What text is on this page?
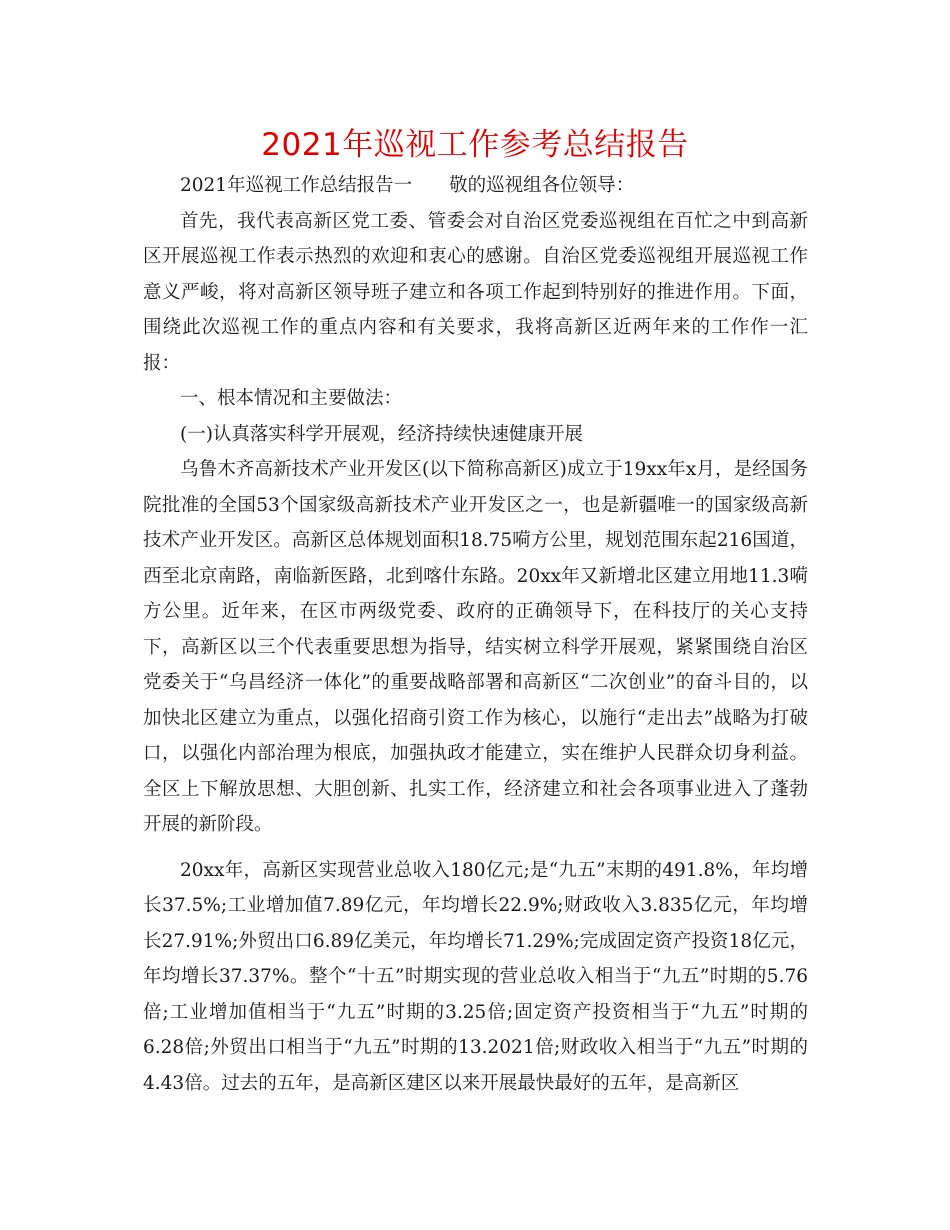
2021年巡视工作参考总结报告

2021年巡视工作总结报告一　　敬的巡视组各位领导：

首先，我代表高新区党工委、管委会对自治区党委巡视组在百忙之中到高新区开展巡视工作表示热烈的欢迎和衷心的感谢。自治区党委巡视组开展巡视工作意义严峻，将对高新区领导班子建立和各项工作起到特别好的推进作用。下面，围绕此次巡视工作的重点内容和有关要求，我将高新区近两年来的工作作一汇报：

一、根本情况和主要做法：

(一)认真落实科学开展观，经济持续快速健康开展

乌鲁木齐高新技术产业开发区(以下简称高新区)成立于19xx年x月，是经国务院批准的全国53个国家级高新技术产业开发区之一，也是新疆唯一的国家级高新技术产业开发区。高新区总体规划面积18.75嗬方公里，规划范围东起216国道，西至北京南路，南临新医路，北到喀什东路。20xx年又新增北区建立用地11.3嗬方公里。近年来，在区市两级党委、政府的正确领导下，在科技厅的关心支持下，高新区以三个代表重要思想为指导，结实树立科学开展观，紧紧围绕自治区党委关于“乌昌经济一体化”的重要战略部署和高新区“二次创业”的奋斗目的，以加快北区建立为重点，以强化招商引资工作为核心，以施行“走出去”战略为打破口，以强化内部治理为根底，加强执政才能建立，实在维护人民群众切身利益。全区上下解放思想、大胆创新、扎实工作，经济建立和社会各项事业进入了蓬勃开展的新阶段。

20xx年，高新区实现营业总收入180亿元;是“九五”末期的491.8%，年均增长37.5%;工业增加值7.89亿元，年均增长22.9%;财政收入3.835亿元，年均增长27.91%;外贸出口6.89亿美元，年均增长71.29%;完成固定资产投资18亿元，年均增长37.37%。整个“十五”时期实现的营业总收入相当于“九五”时期的5.76倍;工业增加值相当于“九五”时期的3.25倍;固定资产投资相当于“九五”时期的6.28倍;外贸出口相当于“九五”时期的13.2021倍;财政收入相当于“九五”时期的4.43倍。过去的五年，是高新区建区以来开展最快最好的五年，是高新区
